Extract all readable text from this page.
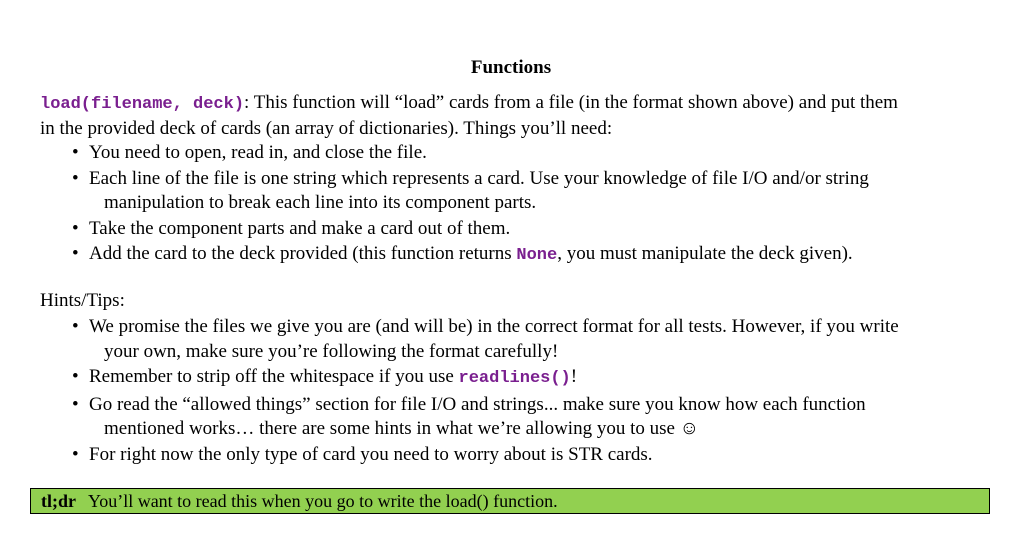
Functions
load(filename, deck): This function will “load” cards from a file (in the format shown above) and put them
in the provided deck of cards (an array of dictionaries). Things you’ll need:
• You need to open, read in, and close the file.
• Each line of the file is one string which represents a card. Use your knowledge of file I/O and/or string
manipulation to break each line into its component parts.
• Take the component parts and make a card out of them.
• Add the card to the deck provided (this function returns None, you must manipulate the deck given).
Hints/Tips:
• We promise the files we give you are (and will be) in the correct format for all tests. However, if you write
your own, make sure you’re following the format carefully!
• Remember to strip off the whitespace if you use readlines()!
• Go read the “allowed things” section for file I/O and strings... make sure you know how each function
mentioned works… there are some hints in what we’re allowing you to use ☺
• For right now the only type of card you need to worry about is STR cards.
tl;dr You’ll want to read this when you go to write the load() function.
